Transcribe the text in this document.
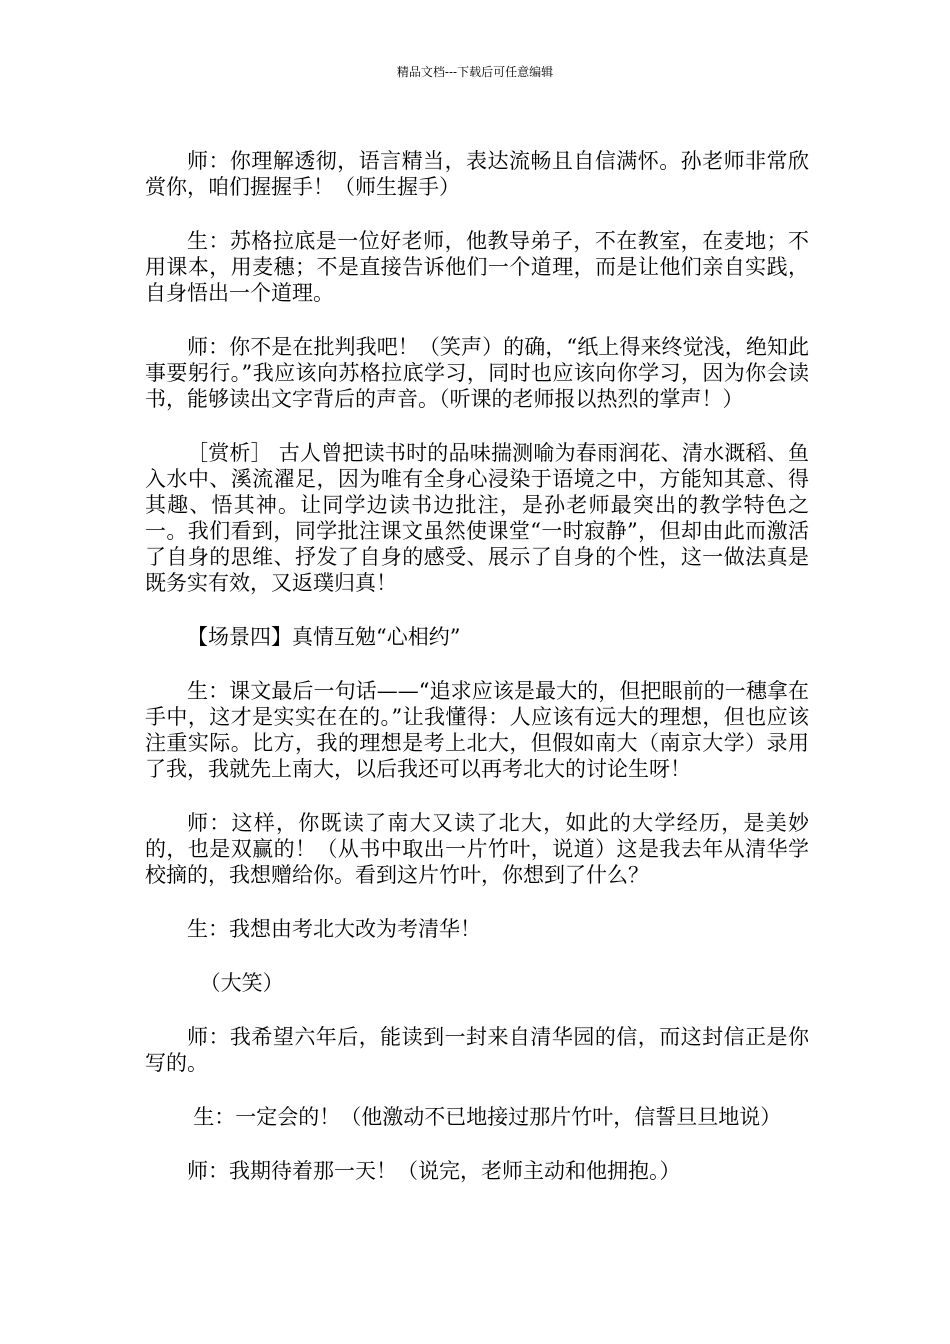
精品文档---下载后可任意编辑

师：你理解透彻，语言精当，表达流畅且自信满怀。孙老师非常欣赏你，咱们握握手！（师生握手）

生：苏格拉底是一位好老师，他教导弟子，不在教室，在麦地；不用课本，用麦穗；不是直接告诉他们一个道理，而是让他们亲自实践，自身悟出一个道理。

师：你不是在批判我吧！（笑声）的确，“纸上得来终觉浅，绝知此事要躬行。”我应该向苏格拉底学习，同时也应该向你学习，因为你会读书，能够读出文字背后的声音。（听课的老师报以热烈的掌声！）

［赏析］ 古人曾把读书时的品味揣测喻为春雨润花、清水溉稻、鱼入水中、溪流濯足，因为唯有全身心浸染于语境之中，方能知其意、得其趣、悟其神。让同学边读书边批注，是孙老师最突出的教学特色之一。我们看到，同学批注课文虽然使课堂“一时寂静”，但却由此而激活了自身的思维、抒发了自身的感受、展示了自身的个性，这一做法真是既务实有效，又返璞归真！

【场景四】真情互勉“心相约”

生：课文最后一句话——“追求应该是最大的，但把眼前的一穗拿在手中，这才是实实在在的。”让我懂得：人应该有远大的理想，但也应该注重实际。比方，我的理想是考上北大，但假如南大（南京大学）录用了我，我就先上南大，以后我还可以再考北大的讨论生呀！

师：这样，你既读了南大又读了北大，如此的大学经历，是美妙的，也是双赢的！（从书中取出一片竹叶，说道）这是我去年从清华学校摘的，我想赠给你。看到这片竹叶，你想到了什么？

生：我想由考北大改为考清华！

（大笑）

师：我希望六年后，能读到一封来自清华园的信，而这封信正是你写的。

生：一定会的！（他激动不已地接过那片竹叶，信誓旦旦地说）

师：我期待着那一天！（说完，老师主动和他拥抱。）
